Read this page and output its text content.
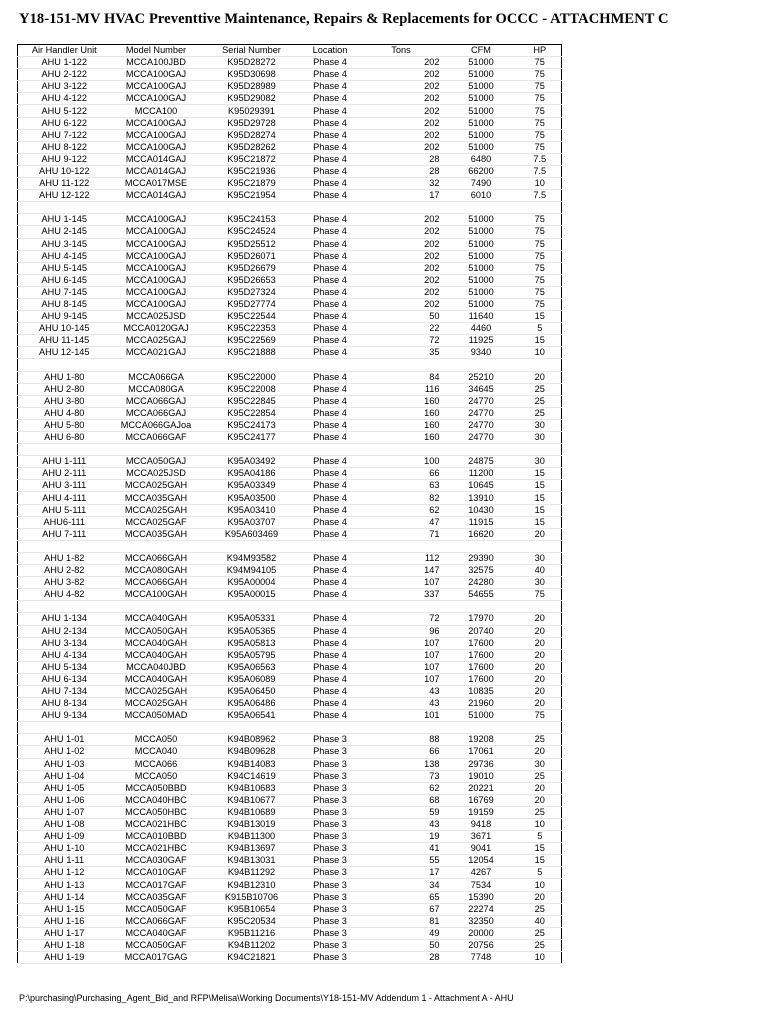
Y18-151-MV HVAC Preventtive Maintenance, Repairs & Replacements for OCCC - ATTACHMENT C
Air Handler Unit	Model Number	Serial Number	Location	Tons	CFM	HP
AHU 1-122	MCCA100JBD	K95D28272	Phase 4	202	51000	75
AHU 2-122	MCCA100GAJ	K95D30698	Phase 4	202	51000	75
AHU 3-122	MCCA100GAJ	K95D28989	Phase 4	202	51000	75
AHU 4-122	MCCA100GAJ	K95D29082	Phase 4	202	51000	75
AHU 5-122	MCCA100	K95029391	Phase 4	202	51000	75
AHU 6-122	MCCA100GAJ	K95D29728	Phase 4	202	51000	75
AHU 7-122	MCCA100GAJ	K95D28274	Phase 4	202	51000	75
AHU 8-122	MCCA100GAJ	K95D28262	Phase 4	202	51000	75
AHU 9-122	MCCA014GAJ	K95C21872	Phase 4	28	6480	7.5
AHU 10-122	MCCA014GAJ	K95C21936	Phase 4	28	66200	7.5
AHU 11-122	MCCA017MSE	K95C21879	Phase 4	32	7490	10
AHU 12-122	MCCA014GAJ	K95C21954	Phase 4	17	6010	7.5

AHU 1-145	MCCA100GAJ	K95C24153	Phase 4	202	51000	75
AHU 2-145	MCCA100GAJ	K95C24524	Phase 4	202	51000	75
AHU 3-145	MCCA100GAJ	K95D25512	Phase 4	202	51000	75
AHU 4-145	MCCA100GAJ	K95D26071	Phase 4	202	51000	75
AHU 5-145	MCCA100GAJ	K95D26679	Phase 4	202	51000	75
AHU 6-145	MCCA100GAJ	K95D26653	Phase 4	202	51000	75
AHU 7-145	MCCA100GAJ	K95D27324	Phase 4	202	51000	75
AHU 8-145	MCCA100GAJ	K95D27774	Phase 4	202	51000	75
AHU 9-145	MCCA025JSD	K95C22544	Phase 4	50	11640	15
AHU 10-145	MCCA0120GAJ	K95C22353	Phase 4	22	4460	5
AHU 11-145	MCCA025GAJ	K95C22569	Phase 4	72	11925	15
AHU 12-145	MCCA021GAJ	K95C21888	Phase 4	35	9340	10

AHU 1-80	MCCA066GA	K95C22000	Phase 4	84	25210	20
AHU 2-80	MCCA080GA	K95C22008	Phase 4	116	34645	25
AHU 3-80	MCCA066GAJ	K95C22845	Phase 4	160	24770	25
AHU 4-80	MCCA066GAJ	K95C22854	Phase 4	160	24770	25
AHU 5-80	MCCA066GAJoa	K95C24173	Phase 4	160	24770	30
AHU 6-80	MCCA066GAF	K95C24177	Phase 4	160	24770	30

AHU 1-111	MCCA050GAJ	K95A03492	Phase 4	100	24875	30
AHU 2-111	MCCA025JSD	K95A04186	Phase 4	66	11200	15
AHU 3-111	MCCA025GAH	K95A03349	Phase 4	63	10645	15
AHU 4-111	MCCA035GAH	K95A03500	Phase 4	82	13910	15
AHU 5-111	MCCA025GAH	K95A03410	Phase 4	62	10430	15
AHU6-111	MCCA025GAF	K95A03707	Phase 4	47	11915	15
AHU 7-111	MCCA035GAH	K95A603469	Phase 4	71	16620	20

AHU 1-82	MCCA066GAH	K94M93582	Phase 4	112	29390	30
AHU 2-82	MCCA080GAH	K94M94105	Phase 4	147	32575	40
AHU 3-82	MCCA066GAH	K95A00004	Phase 4	107	24280	30
AHU 4-82	MCCA100GAH	K95A00015	Phase 4	337	54655	75

AHU 1-134	MCCA040GAH	K95A05331	Phase 4	72	17970	20
AHU 2-134	MCCA050GAH	K95A05365	Phase 4	96	20740	20
AHU 3-134	MCCA040GAH	K95A05813	Phase 4	107	17600	20
AHU 4-134	MCCA040GAH	K95A05795	Phase 4	107	17600	20
AHU 5-134	MCCA040JBD	K95A06563	Phase 4	107	17600	20
AHU 6-134	MCCA040GAH	K95A06089	Phase 4	107	17600	20
AHU 7-134	MCCA025GAH	K95A06450	Phase 4	43	10835	20
AHU 8-134	MCCA025GAH	K95A06486	Phase 4	43	21960	20
AHU 9-134	MCCA050MAD	K95A06541	Phase 4	101	51000	75

AHU 1-01	MCCA050	K94B08962	Phase 3	88	19208	25
AHU 1-02	MCCA040	K94B09628	Phase 3	66	17061	20
AHU 1-03	MCCA066	K94B14083	Phase 3	138	29736	30
AHU 1-04	MCCA050	K94C14619	Phase 3	73	19010	25
AHU 1-05	MCCA050BBD	K94B10683	Phase 3	62	20221	20
AHU 1-06	MCCA040HBC	K94B10677	Phase 3	68	16769	20
AHU 1-07	MCCA050HBC	K94B10689	Phase 3	59	19159	25
AHU 1-08	MCCA021HBC	K94B13019	Phase 3	43	9418	10
AHU 1-09	MCCA010BBD	K94B11300	Phase 3	19	3671	5
AHU 1-10	MCCA021HBC	K94B13697	Phase 3	41	9041	15
AHU 1-11	MCCA030GAF	K94B13031	Phase 3	55	12054	15
AHU 1-12	MCCA010GAF	K94B11292	Phase 3	17	4267	5
AHU 1-13	MCCA017GAF	K94B12310	Phase 3	34	7534	10
AHU 1-14	MCCA035GAF	K915B10706	Phase 3	65	15390	20
AHU 1-15	MCCA050GAF	K95B10654	Phase 3	67	22274	25
AHU 1-16	MCCA066GAF	K95C20534	Phase 3	81	32350	40
AHU 1-17	MCCA040GAF	K95B11216	Phase 3	49	20000	25
AHU 1-18	MCCA050GAF	K94B11202	Phase 3	50	20756	25
AHU 1-19	MCCA017GAG	K94C21821	Phase 3	28	7748	10
P:\purchasing\Purchasing_Agent_Bid_and RFP\Melisa\Working Documents\Y18-151-MV Addendum 1 - Attachment A - AHU
